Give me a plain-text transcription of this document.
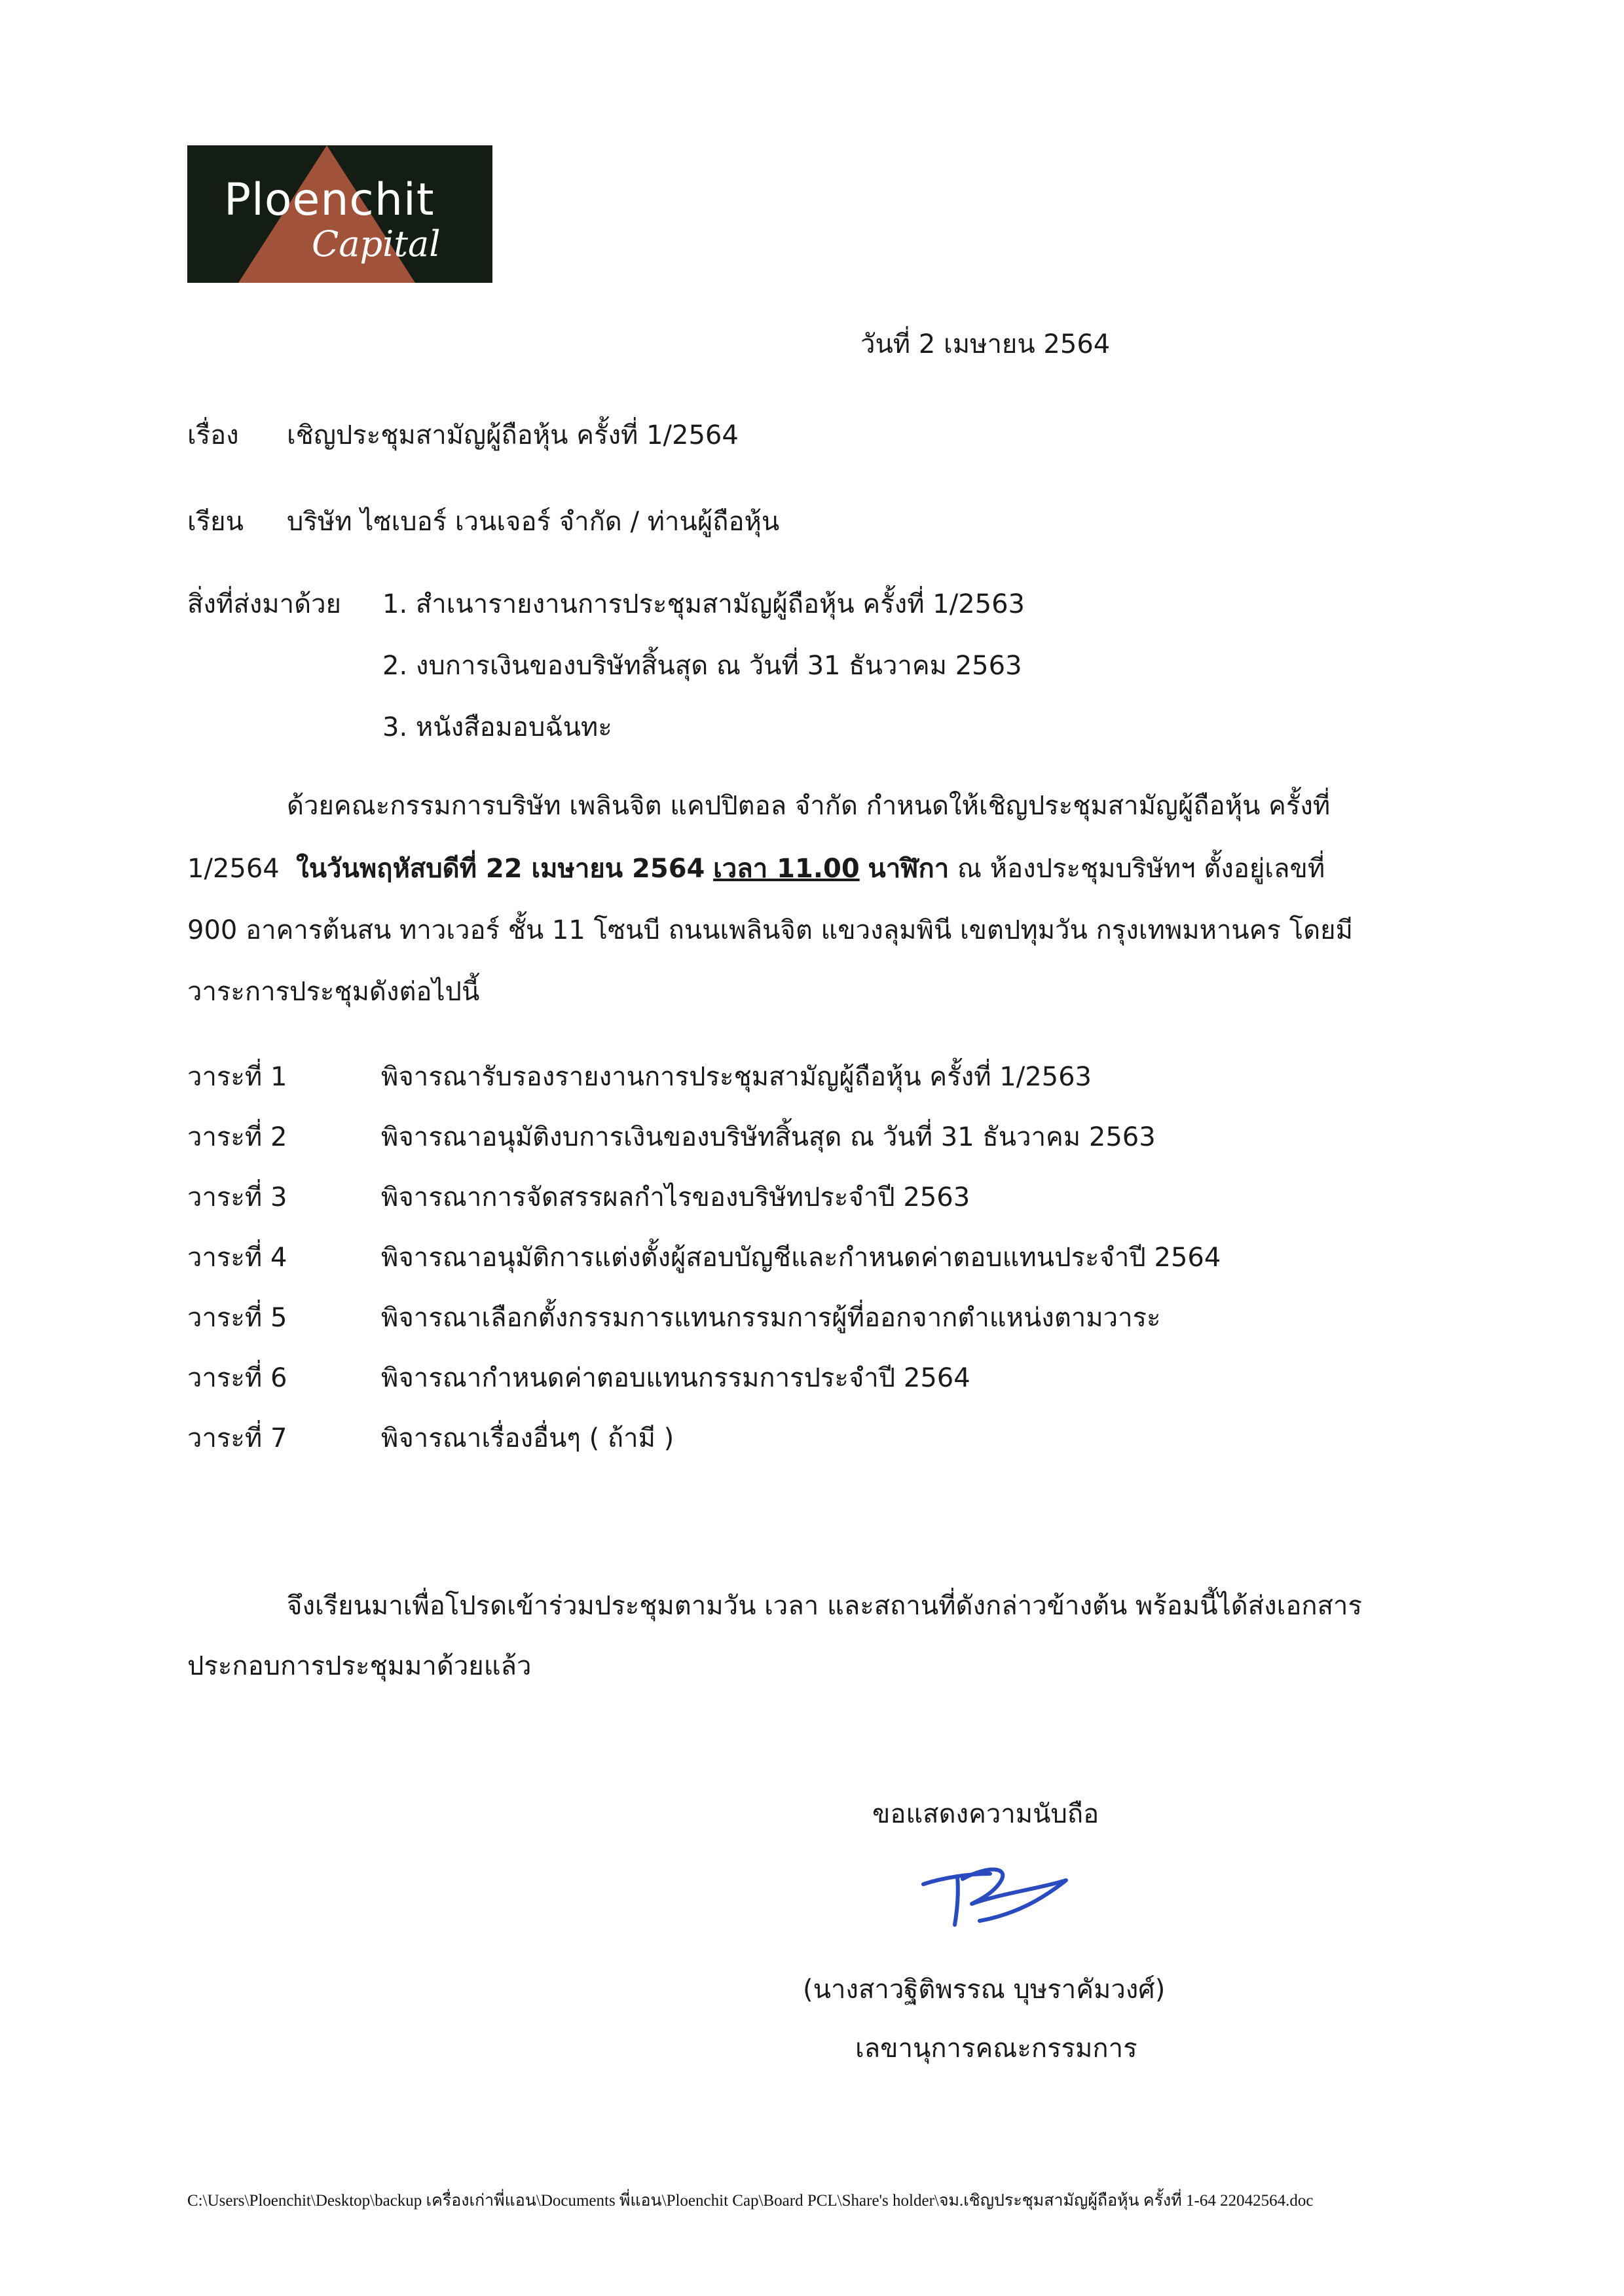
Ploenchit
Capital
วันที่ 2 เมษายน 2564
เรื่อง เชิญประชุมสามัญผู้ถือหุ้น ครั้งที่ 1/2564
เรียน บริษัท ไซเบอร์ เวนเจอร์ จำกัด / ท่านผู้ถือหุ้น
สิ่งที่ส่งมาด้วย 1. สำเนารายงานการประชุมสามัญผู้ถือหุ้น ครั้งที่ 1/2563
2. งบการเงินของบริษัทสิ้นสุด ณ วันที่ 31 ธันวาคม 2563
3. หนังสือมอบฉันทะ
ด้วยคณะกรรมการบริษัท เพลินจิต แคปปิตอล จำกัด กำหนดให้เชิญประชุมสามัญผู้ถือหุ้น ครั้งที่
1/2564 ในวันพฤหัสบดีที่ 22 เมษายน 2564 เวลา 11.00 นาฬิกา ณ ห้องประชุมบริษัทฯ ตั้งอยู่เลขที่
900 อาคารต้นสน ทาวเวอร์ ชั้น 11 โซนบี ถนนเพลินจิต แขวงลุมพินี เขตปทุมวัน กรุงเทพมหานคร โดยมี
วาระการประชุมดังต่อไปนี้
วาระที่ 1	พิจารณารับรองรายงานการประชุมสามัญผู้ถือหุ้น ครั้งที่ 1/2563
วาระที่ 2	พิจารณาอนุมัติงบการเงินของบริษัทสิ้นสุด ณ วันที่ 31 ธันวาคม 2563
วาระที่ 3	พิจารณาการจัดสรรผลกำไรของบริษัทประจำปี 2563
วาระที่ 4	พิจารณาอนุมัติการแต่งตั้งผู้สอบบัญชีและกำหนดค่าตอบแทนประจำปี 2564
วาระที่ 5	พิจารณาเลือกตั้งกรรมการแทนกรรมการผู้ที่ออกจากตำแหน่งตามวาระ
วาระที่ 6	พิจารณากำหนดค่าตอบแทนกรรมการประจำปี 2564
วาระที่ 7	พิจารณาเรื่องอื่นๆ ( ถ้ามี )
จึงเรียนมาเพื่อโปรดเข้าร่วมประชุมตามวัน เวลา และสถานที่ดังกล่าวข้างต้น พร้อมนี้ได้ส่งเอกสาร
ประกอบการประชุมมาด้วยแล้ว
ขอแสดงความนับถือ
(นางสาวฐิติพรรณ บุษราคัมวงศ์)
เลขานุการคณะกรรมการ
C:\Users\Ploenchit\Desktop\backup เครื่องเก่าพี่แอน\Documents พี่แอน\Ploenchit Cap\Board PCL\Share's holder\จม.เชิญประชุมสามัญผู้ถือหุ้น ครั้งที่ 1-64 22042564.doc
